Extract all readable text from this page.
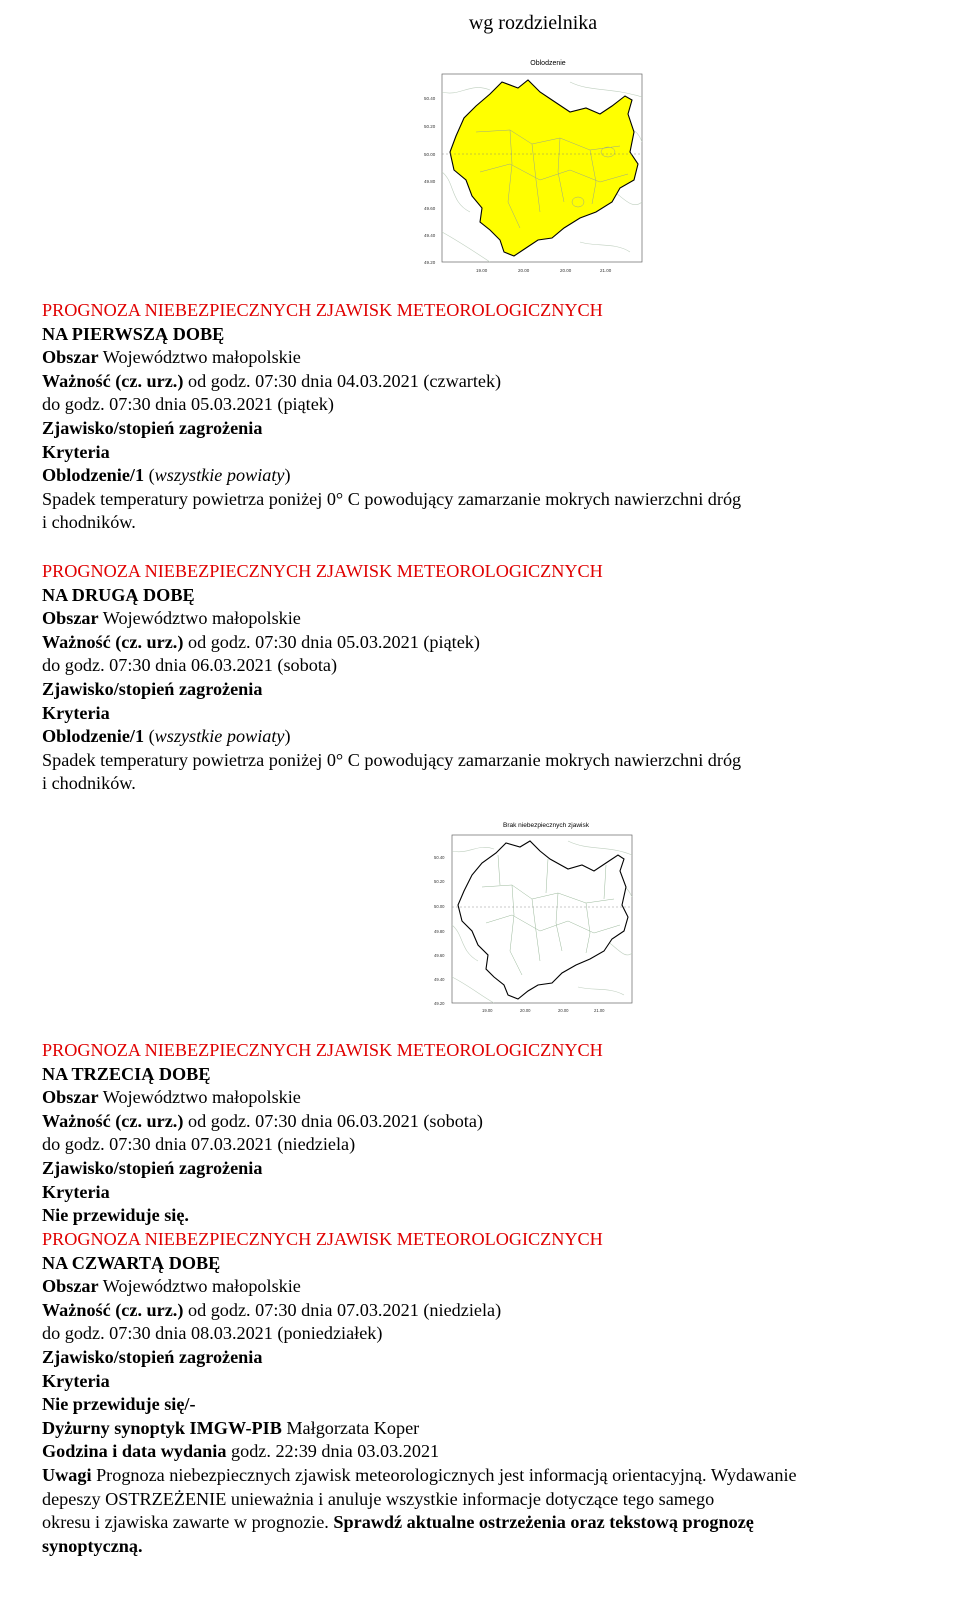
wg rozdzielnika
Oblodzenie
50.40
50.20
50.00
49.80
49.60
49.40
49.20
19.00	20.00	20.00	21.00
PROGNOZA NIEBEZPIECZNYCH ZJAWISK METEOROLOGICZNYCH
NA PIERWSZĄ DOBĘ
Obszar Województwo małopolskie
Ważność (cz. urz.) od godz. 07:30 dnia 04.03.2021 (czwartek)
do godz. 07:30 dnia 05.03.2021 (piątek)
Zjawisko/stopień zagrożenia
Kryteria
Oblodzenie/1 (wszystkie powiaty)
Spadek temperatury powietrza poniżej 0° C powodujący zamarzanie mokrych nawierzchni dróg
i chodników.
PROGNOZA NIEBEZPIECZNYCH ZJAWISK METEOROLOGICZNYCH
NA DRUGĄ DOBĘ
Obszar Województwo małopolskie
Ważność (cz. urz.) od godz. 07:30 dnia 05.03.2021 (piątek)
do godz. 07:30 dnia 06.03.2021 (sobota)
Zjawisko/stopień zagrożenia
Kryteria
Oblodzenie/1 (wszystkie powiaty)
Spadek temperatury powietrza poniżej 0° C powodujący zamarzanie mokrych nawierzchni dróg
i chodników.
Brak niebezpiecznych zjawisk
50.40
50.20
50.00
49.80
49.60
49.40
49.20
19.00	20.00	20.00	21.00
PROGNOZA NIEBEZPIECZNYCH ZJAWISK METEOROLOGICZNYCH
NA TRZECIĄ DOBĘ
Obszar Województwo małopolskie
Ważność (cz. urz.) od godz. 07:30 dnia 06.03.2021 (sobota)
do godz. 07:30 dnia 07.03.2021 (niedziela)
Zjawisko/stopień zagrożenia
Kryteria
Nie przewiduje się.
PROGNOZA NIEBEZPIECZNYCH ZJAWISK METEOROLOGICZNYCH
NA CZWARTĄ DOBĘ
Obszar Województwo małopolskie
Ważność (cz. urz.) od godz. 07:30 dnia 07.03.2021 (niedziela)
do godz. 07:30 dnia 08.03.2021 (poniedziałek)
Zjawisko/stopień zagrożenia
Kryteria
Nie przewiduje się/-
Dyżurny synoptyk IMGW-PIB Małgorzata Koper
Godzina i data wydania godz. 22:39 dnia 03.03.2021
Uwagi Prognoza niebezpiecznych zjawisk meteorologicznych jest informacją orientacyjną. Wydawanie
depeszy OSTRZEŻENIE unieważnia i anuluje wszystkie informacje dotyczące tego samego
okresu i zjawiska zawarte w prognozie. Sprawdź aktualne ostrzeżenia oraz tekstową prognozę
synoptyczną.
